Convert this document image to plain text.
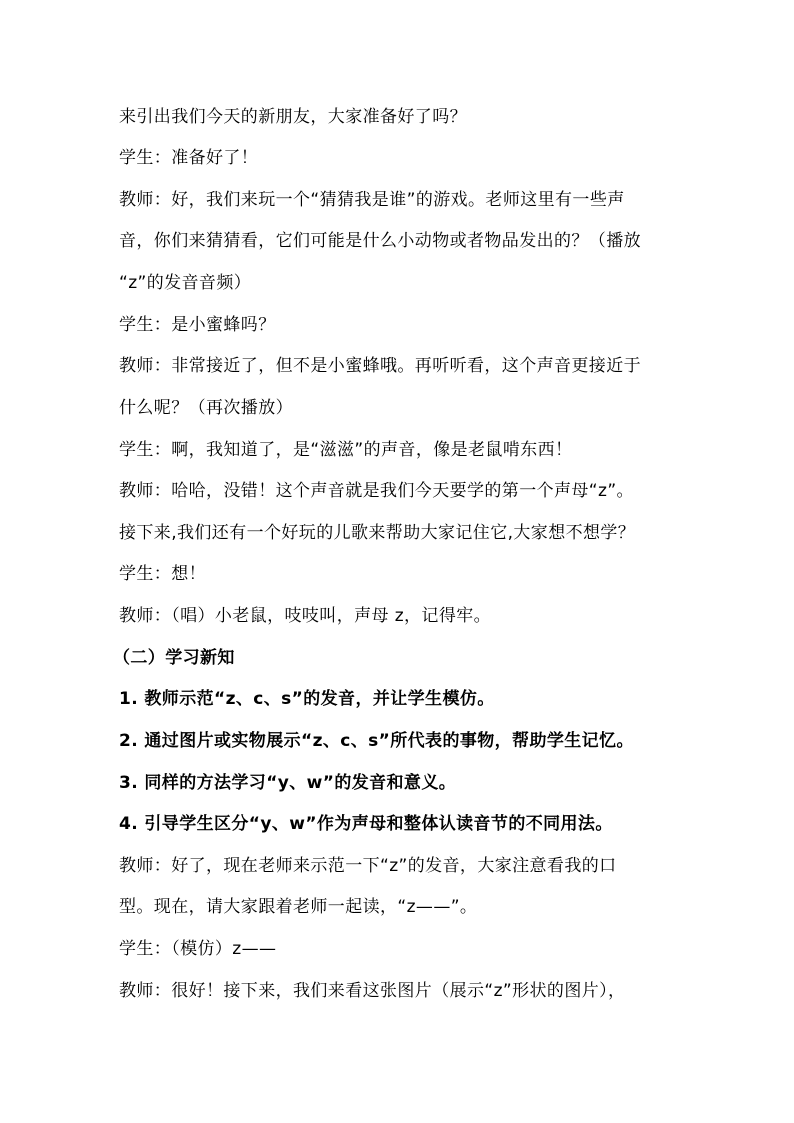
来引出我们今天的新朋友，大家准备好了吗？
学生：准备好了！
教师：好，我们来玩一个“猜猜我是谁”的游戏。老师这里有一些声
音，你们来猜猜看，它们可能是什么小动物或者物品发出的？（播放
“z”的发音音频）
学生：是小蜜蜂吗？
教师：非常接近了，但不是小蜜蜂哦。再听听看，这个声音更接近于
什么呢？（再次播放）
学生：啊，我知道了，是“滋滋”的声音，像是老鼠啃东西！
教师：哈哈，没错！这个声音就是我们今天要学的第一个声母“z”。
接下来,我们还有一个好玩的儿歌来帮助大家记住它,大家想不想学？
学生：想！
教师：（唱）小老鼠，吱吱叫，声母 z，记得牢。
（二）学习新知
1. 教师示范“z、c、s”的发音，并让学生模仿。
2. 通过图片或实物展示“z、c、s”所代表的事物，帮助学生记忆。
3. 同样的方法学习“y、w”的发音和意义。
4. 引导学生区分“y、w”作为声母和整体认读音节的不同用法。
教师：好了，现在老师来示范一下“z”的发音，大家注意看我的口
型。现在，请大家跟着老师一起读，“z——”。
学生：（模仿）z——
教师：很好！接下来，我们来看这张图片（展示“z”形状的图片），
